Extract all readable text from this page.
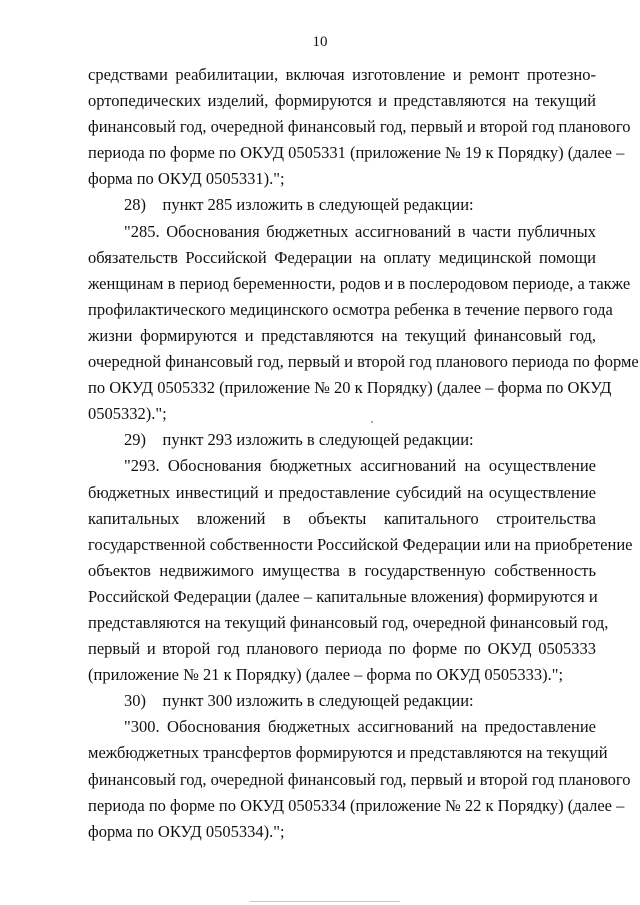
10
средствами реабилитации, включая изготовление и ремонт протезно-
ортопедических изделий, формируются и представляются на текущий
финансовый год, очередной финансовый год, первый и второй год планового
периода по форме по ОКУД 0505331 (приложение № 19 к Порядку) (далее –
форма по ОКУД 0505331).";
28)    пункт 285 изложить в следующей редакции:
"285. Обоснования бюджетных ассигнований в части публичных
обязательств Российской Федерации на оплату медицинской помощи
женщинам в период беременности, родов и в послеродовом периоде, а также
профилактического медицинского осмотра ребенка в течение первого года
жизни формируются и представляются на текущий финансовый год,
очередной финансовый год, первый и второй год планового периода по форме
по ОКУД 0505332 (приложение № 20 к Порядку) (далее – форма по ОКУД
0505332).";
29)    пункт 293 изложить в следующей редакции:
"293. Обоснования бюджетных ассигнований на осуществление
бюджетных инвестиций и предоставление субсидий на осуществление
капитальных вложений в объекты капитального строительства
государственной собственности Российской Федерации или на приобретение
объектов недвижимого имущества в государственную собственность
Российской Федерации (далее – капитальные вложения) формируются и
представляются на текущий финансовый год, очередной финансовый год,
первый и второй год планового периода по форме по ОКУД 0505333
(приложение № 21 к Порядку) (далее – форма по ОКУД 0505333).";
30)    пункт 300 изложить в следующей редакции:
"300. Обоснования бюджетных ассигнований на предоставление
межбюджетных трансфертов формируются и представляются на текущий
финансовый год, очередной финансовый год, первый и второй год планового
периода по форме по ОКУД 0505334 (приложение № 22 к Порядку) (далее –
форма по ОКУД 0505334).";
